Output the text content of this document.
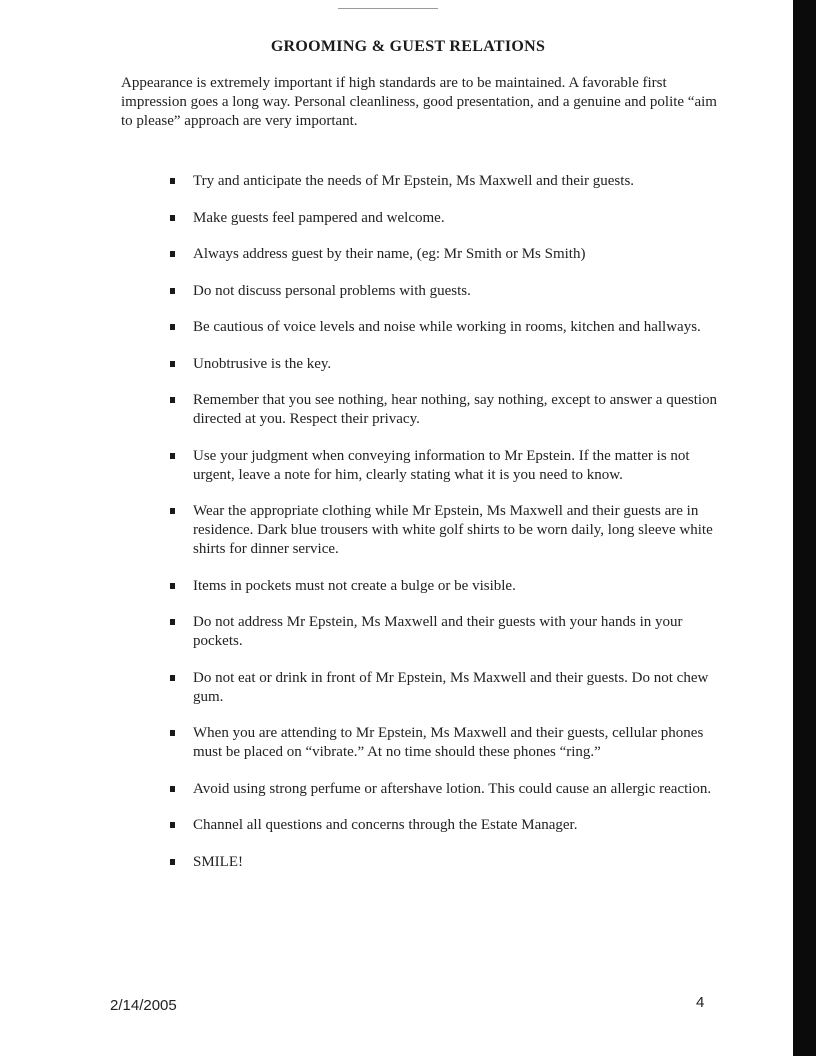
GROOMING & GUEST RELATIONS
Appearance is extremely important if high standards are to be maintained. A favorable first impression goes a long way. Personal cleanliness, good presentation, and a genuine and polite “aim to please” approach are very important.
Try and anticipate the needs of Mr Epstein, Ms Maxwell and their guests.
Make guests feel pampered and welcome.
Always address guest by their name, (eg: Mr Smith or Ms Smith)
Do not discuss personal problems with guests.
Be cautious of voice levels and noise while working in rooms, kitchen and hallways.
Unobtrusive is the key.
Remember that you see nothing, hear nothing, say nothing, except to answer a question directed at you. Respect their privacy.
Use your judgment when conveying information to Mr Epstein. If the matter is not urgent, leave a note for him, clearly stating what it is you need to know.
Wear the appropriate clothing while Mr Epstein, Ms Maxwell and their guests are in residence. Dark blue trousers with white golf shirts to be worn daily, long sleeve white shirts for dinner service.
Items in pockets must not create a bulge or be visible.
Do not address Mr Epstein, Ms Maxwell and their guests with your hands in your pockets.
Do not eat or drink in front of Mr Epstein, Ms Maxwell and their guests. Do not chew gum.
When you are attending to Mr Epstein, Ms Maxwell and their guests, cellular phones must be placed on “vibrate.” At no time should these phones “ring.”
Avoid using strong perfume or aftershave lotion. This could cause an allergic reaction.
Channel all questions and concerns through the Estate Manager.
SMILE!
2/14/2005	4
